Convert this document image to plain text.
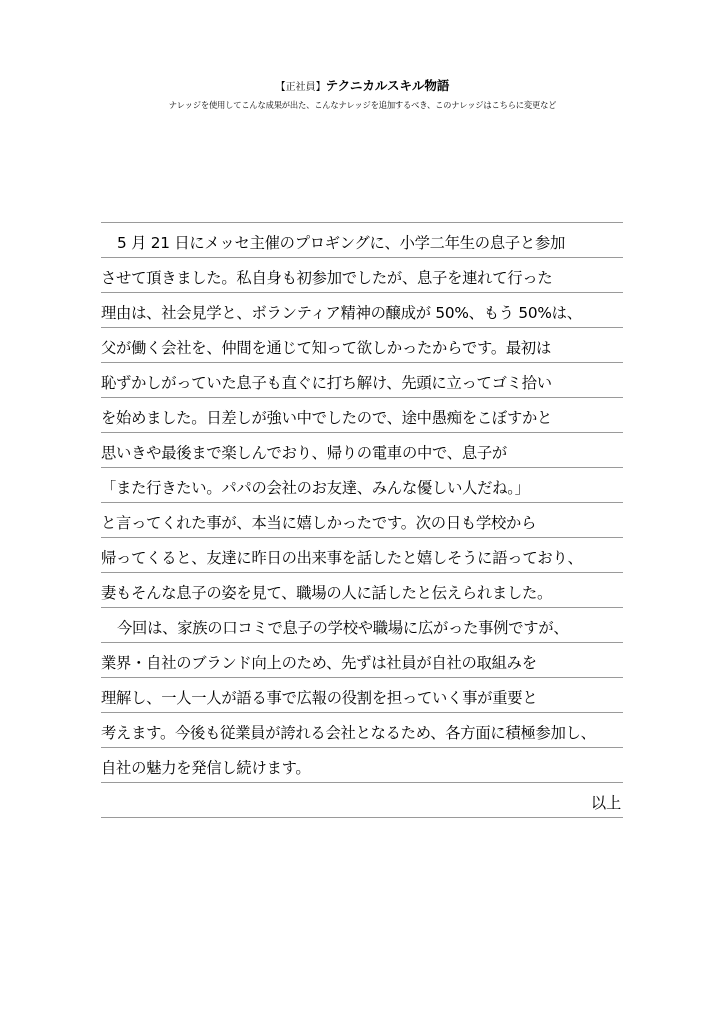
【正社員】テクニカルスキル物語
ナレッジを使用してこんな成果が出た、こんなナレッジを追加するべき、このナレッジはこちらに変更など
5 月 21 日にメッセ主催のプロギングに、小学二年生の息子と参加
させて頂きました。私自身も初参加でしたが、息子を連れて行った
理由は、社会見学と、ボランティア精神の醸成が 50%、もう 50%は、
父が働く会社を、仲間を通じて知って欲しかったからです。最初は
恥ずかしがっていた息子も直ぐに打ち解け、先頭に立ってゴミ拾い
を始めました。日差しが強い中でしたので、途中愚痴をこぼすかと
思いきや最後まで楽しんでおり、帰りの電車の中で、息子が
「また行きたい。パパの会社のお友達、みんな優しい人だね。」
と言ってくれた事が、本当に嬉しかったです。次の日も学校から
帰ってくると、友達に昨日の出来事を話したと嬉しそうに語っており、
妻もそんな息子の姿を見て、職場の人に話したと伝えられました。
今回は、家族の口コミで息子の学校や職場に広がった事例ですが、
業界・自社のブランド向上のため、先ずは社員が自社の取組みを
理解し、一人一人が語る事で広報の役割を担っていく事が重要と
考えます。今後も従業員が誇れる会社となるため、各方面に積極参加し、
自社の魅力を発信し続けます。
以上
